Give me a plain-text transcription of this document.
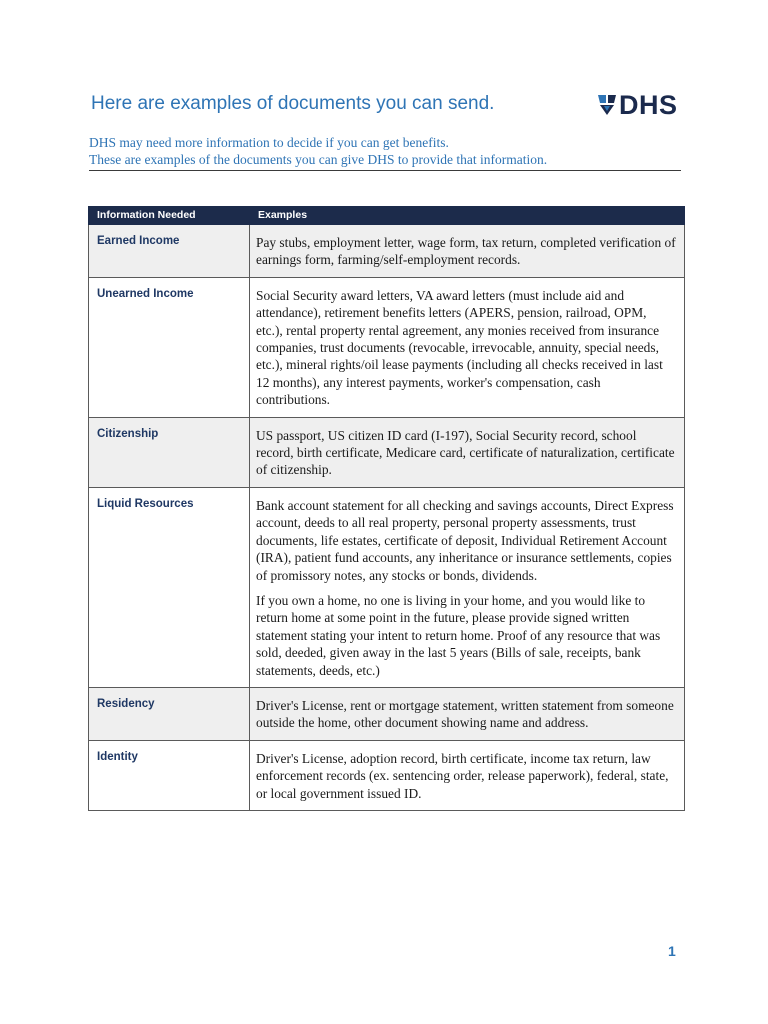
Here are examples of documents you can send.	DHS

DHS may need more information to decide if you can get benefits.

These are examples of the documents you can give DHS to provide that information.

Information Needed	Examples
Earned Income	Pay stubs, employment letter, wage form, tax return, completed verification of earnings form, farming/self-employment records.

Unearned Income	Social Security award letters, VA award letters (must include aid and attendance), retirement benefits letters (APERS, pension, railroad, OPM, etc.), rental property rental agreement, any monies received from insurance companies, trust documents (revocable, irrevocable, annuity, special needs, etc.), mineral rights/oil lease payments (including all checks received in last 12 months), any interest payments, worker's compensation, cash contributions.

Citizenship	US passport, US citizen ID card (I-197), Social Security record, school record, birth certificate, Medicare card, certificate of naturalization, certificate of citizenship.

Liquid Resources	Bank account statement for all checking and savings accounts, Direct Express account, deeds to all real property, personal property assessments, trust documents, life estates, certificate of deposit, Individual Retirement Account (IRA), patient fund accounts, any inheritance or insurance settlements, copies of promissory notes, any stocks or bonds, dividends.

If you own a home, no one is living in your home, and you would like to return home at some point in the future, please provide signed written statement stating your intent to return home. Proof of any resource that was sold, deeded, given away in the last 5 years (Bills of sale, receipts, bank statements, deeds, etc.)

Residency	Driver's License, rent or mortgage statement, written statement from someone outside the home, other document showing name and address.

Identity	Driver's License, adoption record, birth certificate, income tax return, law enforcement records (ex. sentencing order, release paperwork), federal, state, or local government issued ID.

1
